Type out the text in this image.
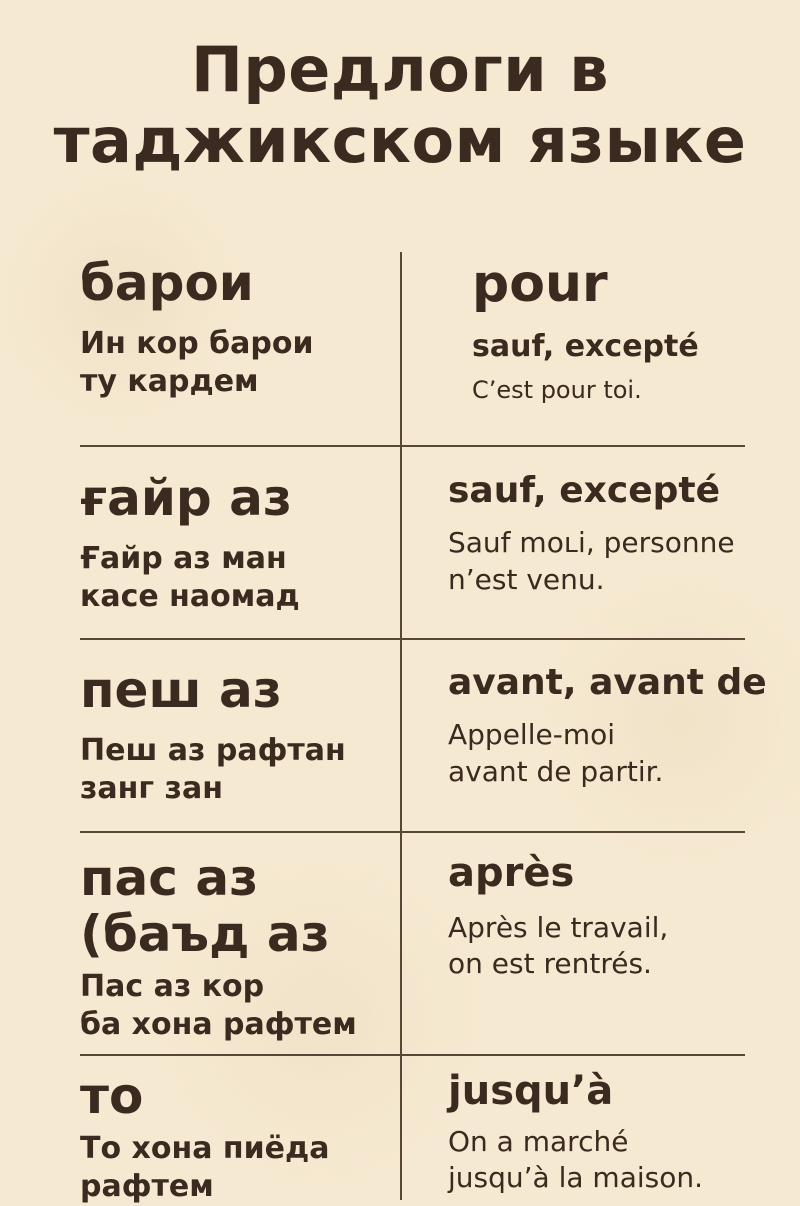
Предлоги в
таджикском языке

барои

Ин кор барои
ту кардем

pour

sauf, excepté

C’est pour toi.

ғайр аз

Ғайр аз ман
касе наомад

sauf, excepté

Sauf moʟi, personne
n’est venu.

пеш аз

Пеш аз рафтан
занг зан

avant, avant de

Appelle-moi
avant de partir.

пас аз
(баъд аз

Пас аз кор
ба хона рафтем

après

Après le travail,
on est rentrés.

то

То хона пиёда
рафтем

jusqu’à

On a marché
jusqu’à la maison.
